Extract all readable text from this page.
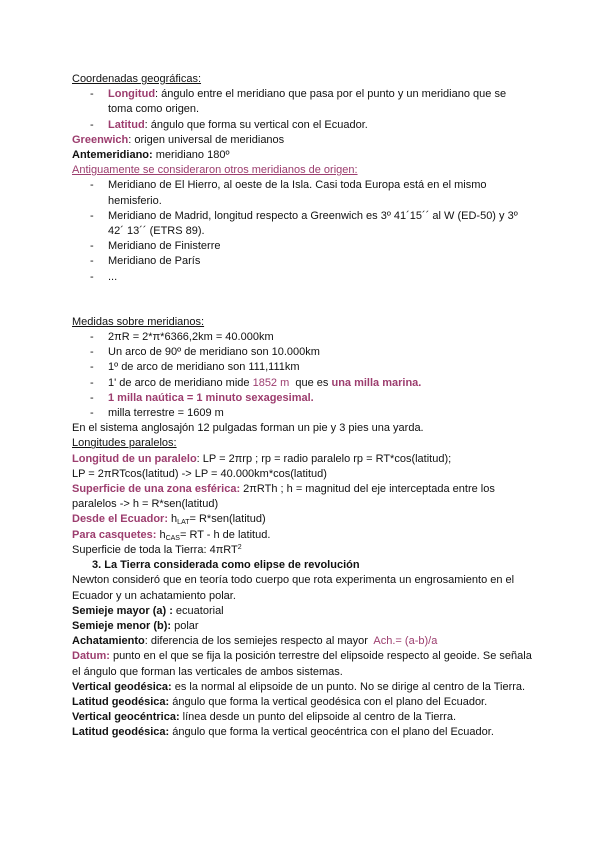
Coordenadas geográficas:
- Longitud: ángulo entre el meridiano que pasa por el punto y un meridiano que se toma como origen.
- Latitud: ángulo que forma su vertical con el Ecuador.
Greenwich: origen universal de meridianos
Antemeridiano: meridiano 180º
Antiguamente se consideraron otros meridianos de origen:
- Meridiano de El Hierro, al oeste de la Isla. Casi toda Europa está en el mismo hemisferio.
- Meridiano de Madrid, longitud respecto a Greenwich es 3º 41´15´´ al W (ED-50) y 3º 42´ 13´´ (ETRS 89).
- Meridiano de Finisterre
- Meridiano de París
- ...
Medidas sobre meridianos:
- 2πR = 2*π*6366,2km = 40.000km
- Un arco de 90º de meridiano son 10.000km
- 1º de arco de meridiano son 111,111km
- 1' de arco de meridiano mide 1852 m  que es una milla marina.
- 1 milla naútica = 1 minuto sexagesimal.
- milla terrestre = 1609 m
En el sistema anglosajón 12 pulgadas forman un pie y 3 pies una yarda.
Longitudes paralelos:
Longitud de un paralelo: LP = 2πrp ; rp = radio paralelo rp = RT*cos(latitud);
LP = 2πRTcos(latitud) -> LP = 40.000km*cos(latitud)
Superficie de una zona esférica: 2πRTh ; h = magnitud del eje interceptada entre los paralelos -> h = R*sen(latitud)
Desde el Ecuador: $h_{LAT}=$ R*sen(latitud)
Para casquetes: $h_{CAS}=$ RT - h de latitud.
Superficie de toda la Tierra: 4πRT$^2$
3. La Tierra considerada como elipse de revolución
Newton consideró que en teoría todo cuerpo que rota experimenta un engrosamiento en el Ecuador y un achatamiento polar.
Semieje mayor (a) : ecuatorial
Semieje menor (b): polar
Achatamiento: diferencia de los semiejes respecto al mayor  Ach.= (a-b)/a
Datum: punto en el que se fija la posición terrestre del elipsoide respecto al geoide. Se señala el ángulo que forman las verticales de ambos sistemas.
Vertical geodésica: es la normal al elipsoide de un punto. No se dirige al centro de la Tierra.
Latitud geodésica: ángulo que forma la vertical geodésica con el plano del Ecuador.
Vertical geocéntrica: línea desde un punto del elipsoide al centro de la Tierra.
Latitud geodésica: ángulo que forma la vertical geocéntrica con el plano del Ecuador.
